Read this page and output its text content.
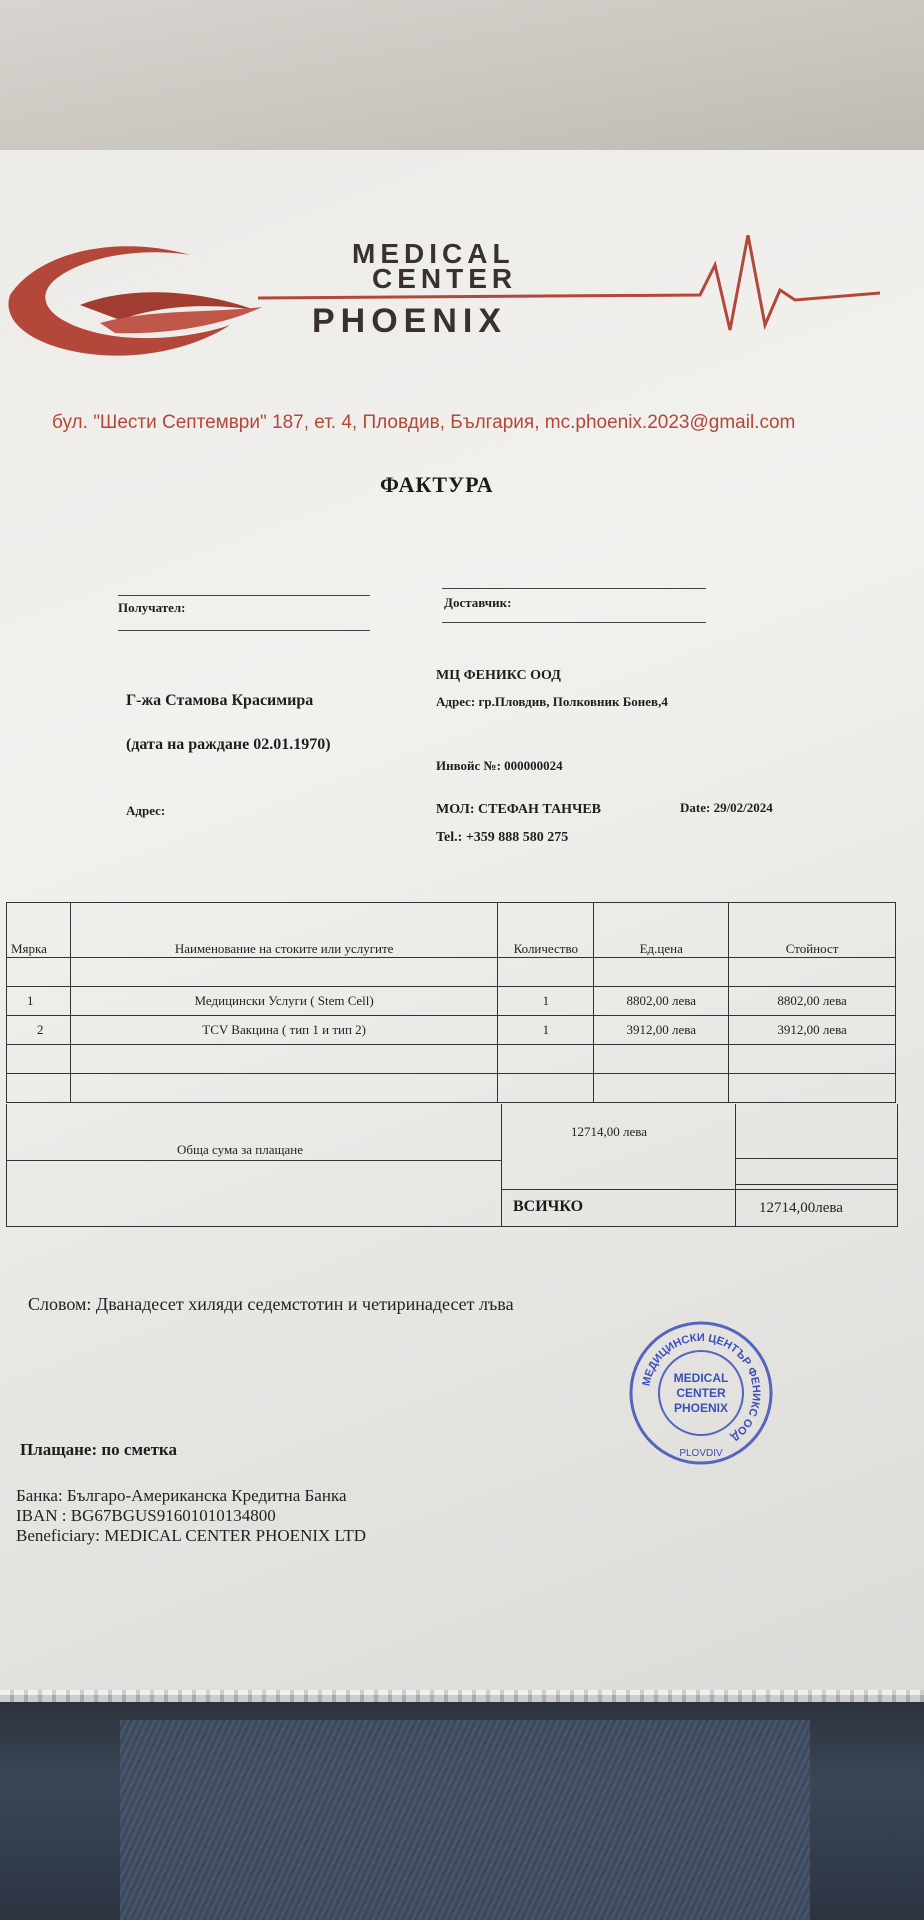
MEDICAL
CENTER
PHOENIX
бул. "Шести Септември" 187, ет. 4, Пловдив, България, mc.phoenix.2023@gmail.com
ФАКТУРА
Получател:	Доставчик:
Г-жа Стамова Красимира
(дата на раждане 02.01.1970)
Адрес:
МЦ ФЕНИКС ООД
Адрес: гр.Пловдив, Полковник Бонев,4
Инвойс №: 000000024
МОЛ: СТЕФАН ТАНЧЕВ	Date: 29/02/2024
Tel.: +359 888 580 275
Мярка	Наименование на стоките или услугите	Количество	Ед.цена	Стойност

1	Медицински Услуги ( Stem Cell)	1	8802,00 лева	8802,00 лева
2	TCV Вакцина ( тип 1 и тип 2)	1	3912,00 лева	3912,00 лева

Обща сума за плащане
12714,00 лева
ВСИЧКО	12714,00лева
Словом: Дванадесет хиляди седемстотин и четиринадесет лъва
МЕДИЦИНСКИ ЦЕНТЪР ФЕНИКС ООД
PLOVDIV
MEDICAL
CENTER
PHOENIX
Плащане: по сметка
Банка: Българо-Американска Кредитна Банка
IBAN : BG67BGUS91601010134800
Beneficiary: MEDICAL CENTER PHOENIX LTD
